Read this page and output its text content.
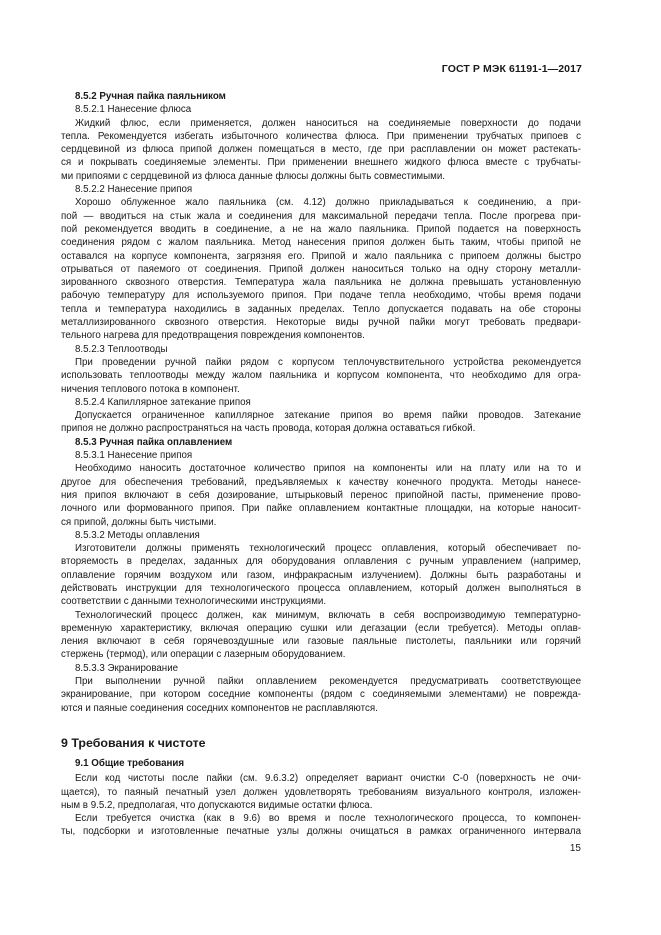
ГОСТ Р МЭК 61191-1—2017
8.5.2 Ручная пайка паяльником
8.5.2.1 Нанесение флюса
Жидкий флюс, если применяется, должен наноситься на соединяемые поверхности до подачи
тепла. Рекомендуется избегать избыточного количества флюса. При применении трубчатых припоев с
сердцевиной из флюса припой должен помещаться в место, где при расплавлении он может растекать-
ся и покрывать соединяемые элементы. При применении внешнего жидкого флюса вместе с трубчаты-
ми припоями с сердцевиной из флюса данные флюсы должны быть совместимыми.
8.5.2.2 Нанесение припоя
Хорошо облуженное жало паяльника (см. 4.12) должно прикладываться к соединению, а при-
пой — вводиться на стык жала и соединения для максимальной передачи тепла. После прогрева при-
пой рекомендуется вводить в соединение, а не на жало паяльника. Припой подается на поверхность
соединения рядом с жалом паяльника. Метод нанесения припоя должен быть таким, чтобы припой не
оставался на корпусе компонента, загрязняя его. Припой и жало паяльника с припоем должны быстро
отрываться от паяемого от соединения. Припой должен наноситься только на одну сторону металли-
зированного сквозного отверстия. Температура жала паяльника не должна превышать установленную
рабочую температуру для используемого припоя. При подаче тепла необходимо, чтобы время подачи
тепла и температура находились в заданных пределах. Тепло допускается подавать на обе стороны
металлизированного сквозного отверстия. Некоторые виды ручной пайки могут требовать предвари-
тельного нагрева для предотвращения повреждения компонентов.
8.5.2.3 Теплоотводы
При проведении ручной пайки рядом с корпусом теплочувствительного устройства рекомендуется
использовать теплоотводы между жалом паяльника и корпусом компонента, что необходимо для огра-
ничения теплового потока в компонент.
8.5.2.4 Капиллярное затекание припоя
Допускается ограниченное капиллярное затекание припоя во время пайки проводов. Затекание
припоя не должно распространяться на часть провода, которая должна оставаться гибкой.
8.5.3 Ручная пайка оплавлением
8.5.3.1 Нанесение припоя
Необходимо наносить достаточное количество припоя на компоненты или на плату или на то и
другое для обеспечения требований, предъявляемых к качеству конечного продукта. Методы нанесе-
ния припоя включают в себя дозирование, штырьковый перенос припойной пасты, применение прово-
лочного или формованного припоя. При пайке оплавлением контактные площадки, на которые наносит-
ся припой, должны быть чистыми.
8.5.3.2 Методы оплавления
Изготовители должны применять технологический процесс оплавления, который обеспечивает по-
вторяемость в пределах, заданных для оборудования оплавления с ручным управлением (например,
оплавление горячим воздухом или газом, инфракрасным излучением). Должны быть разработаны и
действовать инструкции для технологического процесса оплавлением, который должен выполняться в
соответствии с данными технологическими инструкциями.
Технологический процесс должен, как минимум, включать в себя воспроизводимую температурно-
временную характеристику, включая операцию сушки или дегазации (если требуется). Методы оплав-
ления включают в себя горячевоздушные или газовые паяльные пистолеты, паяльники или горячий
стержень (термод), или операции с лазерным оборудованием.
8.5.3.3 Экранирование
При выполнении ручной пайки оплавлением рекомендуется предусматривать соответствующее
экранирование, при котором соседние компоненты (рядом с соединяемыми элементами) не поврежда-
ются и паяные соединения соседних компонентов не расплавляются.
9 Требования к чистоте
9.1 Общие требования
Если код чистоты после пайки (см. 9.6.3.2) определяет вариант очистки C-0 (поверхность не очи-
щается), то паяный печатный узел должен удовлетворять требованиям визуального контроля, изложен-
ным в 9.5.2, предполагая, что допускаются видимые остатки флюса.
Если требуется очистка (как в 9.6) во время и после технологического процесса, то компонен-
ты, подсборки и изготовленные печатные узлы должны очищаться в рамках ограниченного интервала
15
